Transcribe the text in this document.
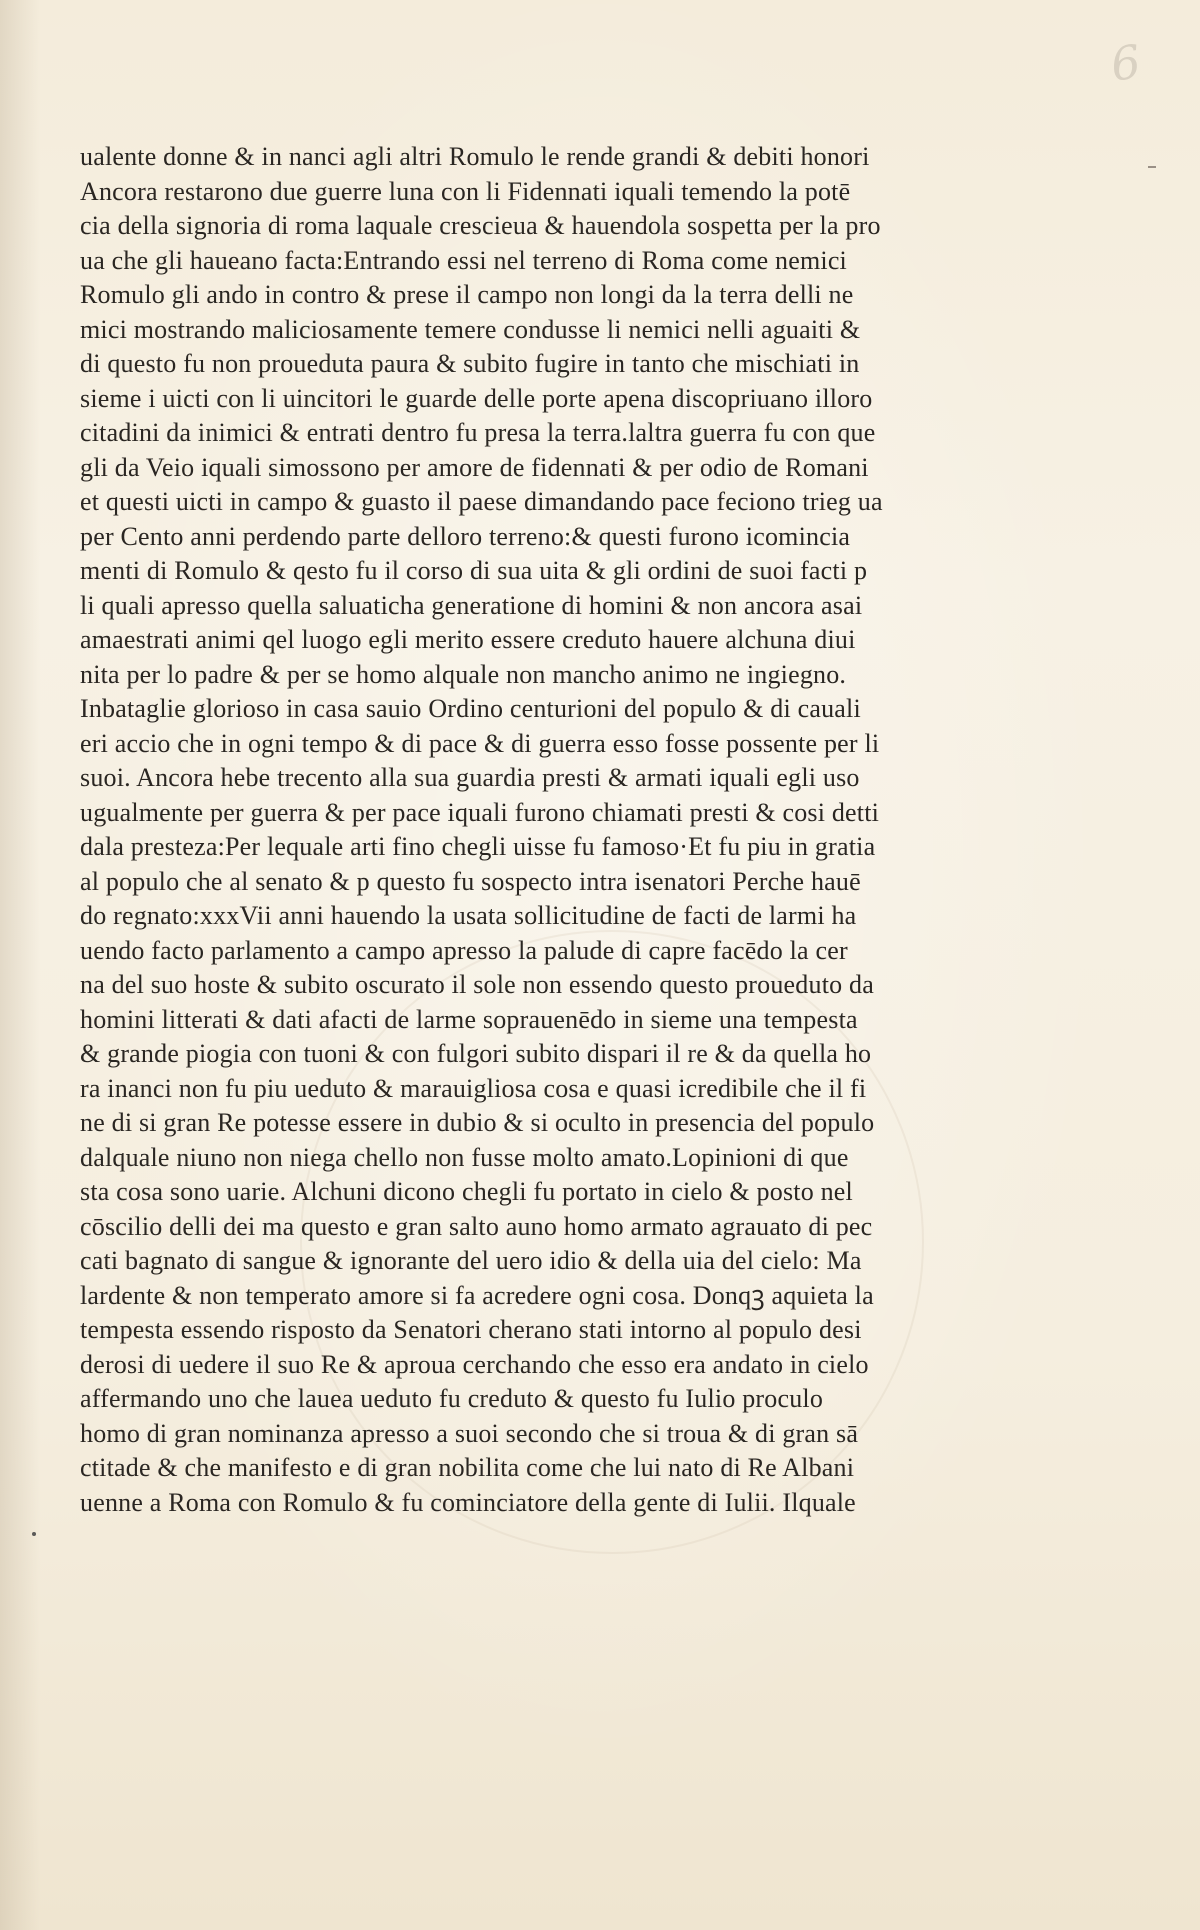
6
ualente donne & in nanci agli altri Romulo le rende grandi & debiti honori
Ancora restarono due guerre luna con li Fidennati iquali temendo la potē
cia della signoria di roma laquale crescieua & hauendola sospetta per la pro
ua che gli haueano facta:Entrando essi nel terreno di Roma come nemici
Romulo gli ando in contro & prese il campo non longi da la terra delli ne
mici mostrando maliciosamente temere condusse li nemici nelli aguaiti &
di questo fu non proueduta paura & subito fugire in tanto che mischiati in
sieme i uicti con li uincitori le guarde delle porte apena discopriuano illoro
citadini da inimici & entrati dentro fu presa la terra.laltra guerra fu con que
gli da Veio iquali simossono per amore de fidennati & per odio de Romani
et questi uicti in campo & guasto il paese dimandando pace feciono trieg ua
per Cento anni perdendo parte delloro terreno:& questi furono icomincia
menti di Romulo & qesto fu il corso di sua uita & gli ordini de suoi facti p
li quali apresso quella saluaticha generatione di homini & non ancora asai
amaestrati animi qel luogo egli merito essere creduto hauere alchuna diui
nita per lo padre & per se homo alquale non mancho animo ne ingiegno.
Inbataglie glorioso in casa sauio Ordino centurioni del populo & di cauali
eri accio che in ogni tempo & di pace & di guerra esso fosse possente per li
suoi. Ancora hebe trecento alla sua guardia presti & armati iquali egli uso
ugualmente per guerra & per pace iquali furono chiamati presti & cosi detti
dala presteza:Per lequale arti fino chegli uisse fu famoso·Et fu piu in gratia
al populo che al senato & p questo fu sospecto intra isenatori Perche hauē
do regnato:xxxVii anni hauendo la usata sollicitudine de facti de larmi ha
uendo facto parlamento a campo apresso la palude di capre facēdo la cer
na del suo hoste & subito oscurato il sole non essendo questo proueduto da
homini litterati & dati afacti de larme soprauenēdo in sieme una tempesta
& grande piogia con tuoni & con fulgori subito dispari il re & da quella ho
ra inanci non fu piu ueduto & marauigliosa cosa e quasi icredibile che il fi
ne di si gran Re potesse essere in dubio & si oculto in presencia del populo
dalquale niuno non niega chello non fusse molto amato.Lopinioni di que
sta cosa sono uarie. Alchuni dicono chegli fu portato in cielo & posto nel
cōscilio delli dei ma questo e gran salto auno homo armato agrauato di pec
cati bagnato di sangue & ignorante del uero idio & della uia del cielo: Ma
lardente & non temperato amore si fa acredere ogni cosa. Donqꝫ aquieta la
tempesta essendo risposto da Senatori cherano stati intorno al populo desi
derosi di uedere il suo Re & aproua cerchando che esso era andato in cielo
affermando uno che lauea ueduto fu creduto & questo fu Iulio proculo
homo di gran nominanza apresso a suoi secondo che si troua & di gran sā
ctitade & che manifesto e di gran nobilita come che lui nato di Re Albani
uenne a Roma con Romulo & fu cominciatore della gente di Iulii. Ilquale
